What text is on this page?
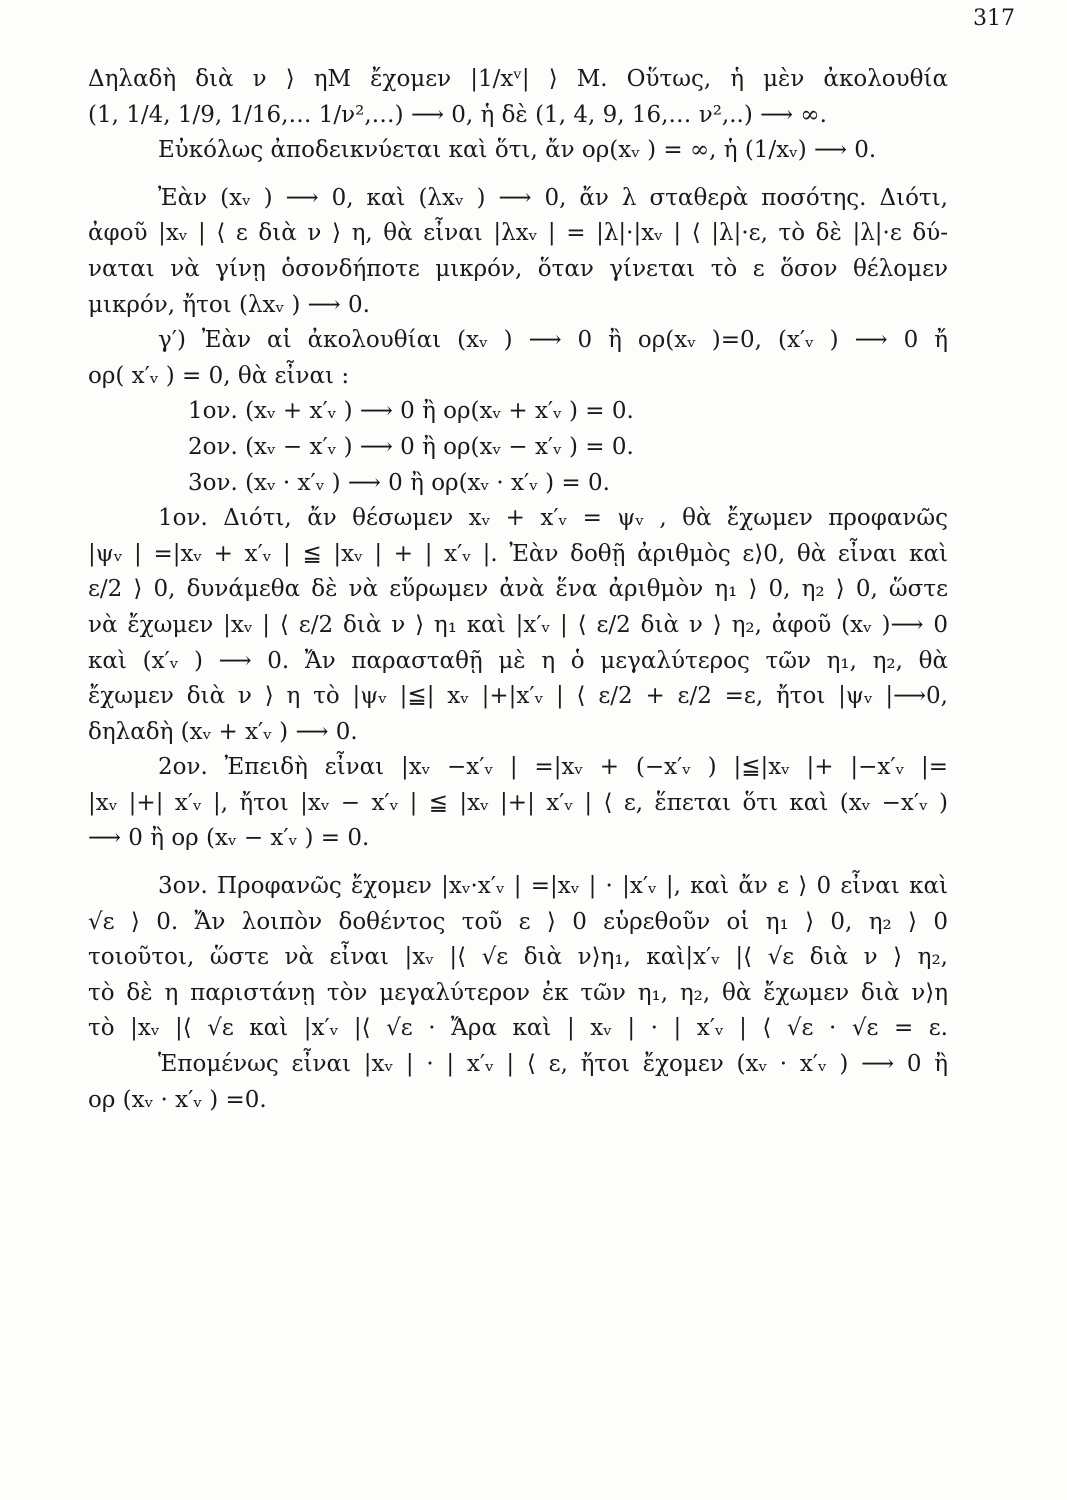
317
Δηλαδὴ διὰ ν ⟩ ηΜ ἔχομεν |1/xᵛ| ⟩ Μ. Οὕτως, ἡ μὲν ἀκολουθία
(1, 1/4, 1/9, 1/16,… 1/ν²,…) ⟶ 0, ἡ δὲ (1, 4, 9, 16,… ν²,..) ⟶ ∞.
Εὐκόλως ἀποδεικνύεται καὶ ὅτι, ἄν ορ(xᵥ ) = ∞, ἡ (1/xᵥ) ⟶ 0.
Ἐὰν (xᵥ ) ⟶ 0, καὶ (λxᵥ ) ⟶ 0, ἄν λ σταθερὰ ποσότης. Διότι,
ἀφοῦ |xᵥ | ⟨ ε διὰ ν ⟩ η, θὰ εἶναι |λxᵥ | = |λ|·|xᵥ | ⟨ |λ|·ε, τὸ δὲ |λ|·ε δύ-
ναται νὰ γίνῃ ὁσονδήποτε μικρόν, ὅταν γίνεται τὸ ε ὅσον θέλομεν
μικρόν, ἤτοι (λxᵥ ) ⟶ 0.
γ′) Ἐὰν αἱ ἀκολουθίαι (xᵥ ) ⟶ 0 ἢ ορ(xᵥ )=0, (x′ᵥ ) ⟶ 0 ἤ
ορ( x′ᵥ ) = 0, θὰ εἶναι :
1ον. (xᵥ + x′ᵥ ) ⟶ 0 ἢ ορ(xᵥ + x′ᵥ ) = 0.
2ον. (xᵥ − x′ᵥ ) ⟶ 0 ἢ ορ(xᵥ − x′ᵥ ) = 0.
3ον. (xᵥ · x′ᵥ ) ⟶ 0 ἢ ορ(xᵥ · x′ᵥ ) = 0.
1ον. Διότι, ἄν θέσωμεν xᵥ + x′ᵥ = ψᵥ , θὰ ἔχωμεν προφανῶς
|ψᵥ | =|xᵥ + x′ᵥ | ≦ |xᵥ | + | x′ᵥ |. Ἐὰν δοθῇ ἀριθμὸς ε⟩0, θὰ εἶναι καὶ
ε/2 ⟩ 0, δυνάμεθα δὲ νὰ εὕρωμεν ἀνὰ ἕνα ἀριθμὸν η₁ ⟩ 0, η₂ ⟩ 0, ὥστε
νὰ ἔχωμεν |xᵥ | ⟨ ε/2 διὰ ν ⟩ η₁ καὶ |x′ᵥ | ⟨ ε/2 διὰ ν ⟩ η₂, ἀφοῦ (xᵥ )⟶ 0
καὶ (x′ᵥ ) ⟶ 0. Ἄν παρασταθῇ μὲ η ὁ μεγαλύτερος τῶν η₁, η₂, θὰ
ἔχωμεν διὰ ν ⟩ η τὸ |ψᵥ |≦| xᵥ |+|x′ᵥ | ⟨ ε/2 + ε/2 =ε, ἤτοι |ψᵥ |⟶0,
δηλαδὴ (xᵥ + x′ᵥ ) ⟶ 0.
2ον. Ἐπειδὴ εἶναι |xᵥ −x′ᵥ | =|xᵥ + (−x′ᵥ ) |≦|xᵥ |+ |−x′ᵥ |=
|xᵥ |+| x′ᵥ |, ἤτοι |xᵥ − x′ᵥ | ≦ |xᵥ |+| x′ᵥ | ⟨ ε, ἕπεται ὅτι καὶ (xᵥ −x′ᵥ )
⟶ 0 ἢ ορ (xᵥ − x′ᵥ ) = 0.
3ον. Προφανῶς ἔχομεν |xᵥ·x′ᵥ | =|xᵥ | · |x′ᵥ |, καὶ ἄν ε ⟩ 0 εἶναι καὶ
√ε ⟩ 0. Ἄν λοιπὸν δοθέντος τοῦ ε ⟩ 0 εὑρεθοῦν οἱ η₁ ⟩ 0, η₂ ⟩ 0
τοιοῦτοι, ὥστε νὰ εἶναι |xᵥ |⟨ √ε διὰ ν⟩η₁, καὶ|x′ᵥ |⟨ √ε διὰ ν ⟩ η₂,
τὸ δὲ η παριστάνῃ τὸν μεγαλύτερον ἐκ τῶν η₁, η₂, θὰ ἔχωμεν διὰ ν⟩η
τὸ |xᵥ |⟨ √ε καὶ |x′ᵥ |⟨ √ε · Ἄρα καὶ | xᵥ | · | x′ᵥ | ⟨ √ε · √ε = ε.
Ἑπομένως εἶναι |xᵥ | · | x′ᵥ | ⟨ ε, ἤτοι ἔχομεν (xᵥ · x′ᵥ ) ⟶ 0 ἢ
ορ (xᵥ · x′ᵥ ) =0.
